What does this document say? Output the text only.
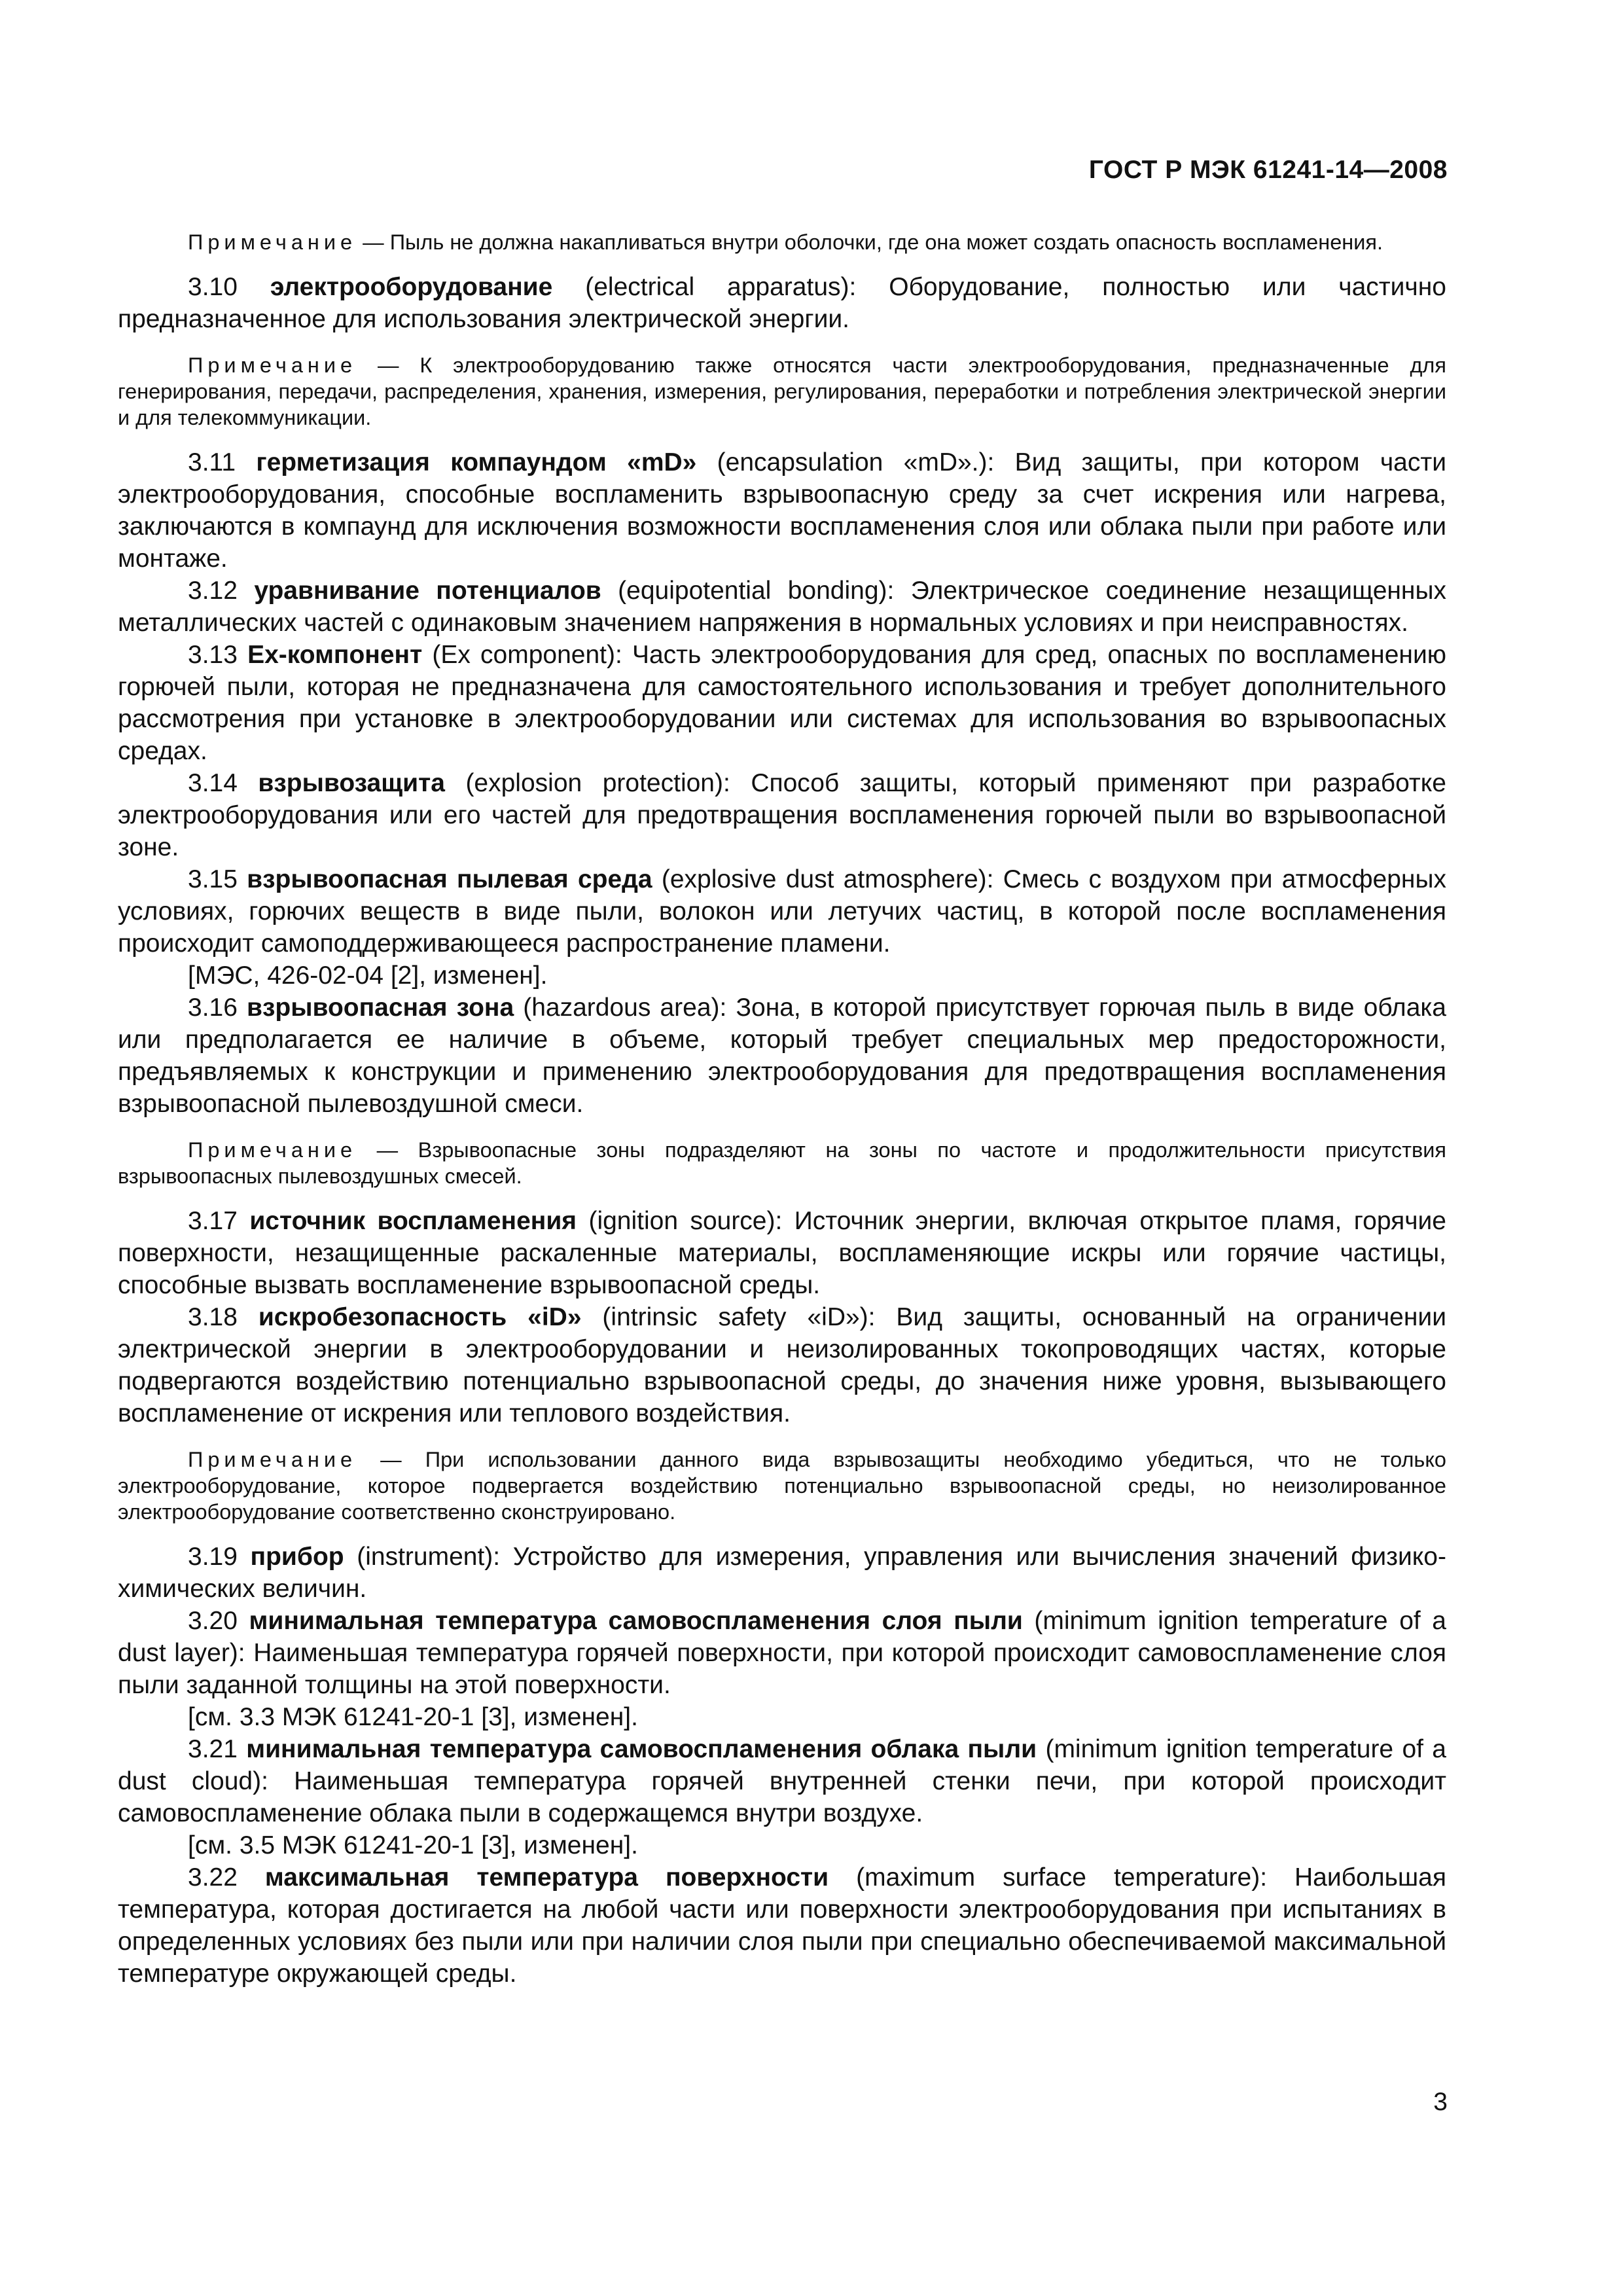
ГОСТ Р МЭК 61241-14—2008

Примечание — Пыль не должна накапливаться внутри оболочки, где она может создать опасность воспламенения.

3.10 электрооборудование (electrical apparatus): Оборудование, полностью или частично предназначенное для использования электрической энергии.

Примечание — К электрооборудованию также относятся части электрооборудования, предназначенные для генерирования, передачи, распределения, хранения, измерения, регулирования, переработки и потребления электрической энергии и для телекоммуникации.

3.11 герметизация компаундом «mD» (encapsulation «mD».): Вид защиты, при котором части электрооборудования, способные воспламенить взрывоопасную среду за счет искрения или нагрева, заключаются в компаунд для исключения возможности воспламенения слоя или облака пыли при работе или монтаже.

3.12 уравнивание потенциалов (equipotential bonding): Электрическое соединение незащищенных металлических частей с одинаковым значением напряжения в нормальных условиях и при неисправностях.

3.13 Ex-компонент (Ex component): Часть электрооборудования для сред, опасных по воспламенению горючей пыли, которая не предназначена для самостоятельного использования и требует дополнительного рассмотрения при установке в электрооборудовании или системах для использования во взрывоопасных средах.

3.14 взрывозащита (explosion protection): Способ защиты, который применяют при разработке электрооборудования или его частей для предотвращения воспламенения горючей пыли во взрывоопасной зоне.

3.15 взрывоопасная пылевая среда (explosive dust atmosphere): Смесь с воздухом при атмосферных условиях, горючих веществ в виде пыли, волокон или летучих частиц, в которой после воспламенения происходит самоподдерживающееся распространение пламени.

[МЭС, 426-02-04 [2], изменен].

3.16 взрывоопасная зона (hazardous area): Зона, в которой присутствует горючая пыль в виде облака или предполагается ее наличие в объеме, который требует специальных мер предосторожности, предъявляемых к конструкции и применению электрооборудования для предотвращения воспламенения взрывоопасной пылевоздушной смеси.

Примечание — Взрывоопасные зоны подразделяют на зоны по частоте и продолжительности присутствия взрывоопасных пылевоздушных смесей.

3.17 источник воспламенения (ignition source): Источник энергии, включая открытое пламя, горячие поверхности, незащищенные раскаленные материалы, воспламеняющие искры или горячие частицы, способные вызвать воспламенение взрывоопасной среды.

3.18 искробезопасность «iD» (intrinsic safety «iD»): Вид защиты, основанный на ограничении электрической энергии в электрооборудовании и неизолированных токопроводящих частях, которые подвергаются воздействию потенциально взрывоопасной среды, до значения ниже уровня, вызывающего воспламенение от искрения или теплового воздействия.

Примечание — При использовании данного вида взрывозащиты необходимо убедиться, что не только электрооборудование, которое подвергается воздействию потенциально взрывоопасной среды, но неизолированное электрооборудование соответственно сконструировано.

3.19 прибор (instrument): Устройство для измерения, управления или вычисления значений физико-химических величин.

3.20 минимальная температура самовоспламенения слоя пыли (minimum ignition temperature of a dust layer): Наименьшая температура горячей поверхности, при которой происходит самовоспламенение слоя пыли заданной толщины на этой поверхности.

[см. 3.3 МЭК 61241-20-1 [3], изменен].

3.21 минимальная температура самовоспламенения облака пыли (minimum ignition temperature of a dust cloud): Наименьшая температура горячей внутренней стенки печи, при которой происходит самовоспламенение облака пыли в содержащемся внутри воздухе.

[см. 3.5 МЭК 61241-20-1 [3], изменен].

3.22 максимальная температура поверхности (maximum surface temperature): Наибольшая температура, которая достигается на любой части или поверхности электрооборудования при испытаниях в определенных условиях без пыли или при наличии слоя пыли при специально обеспечиваемой максимальной температуре окружающей среды.

3
